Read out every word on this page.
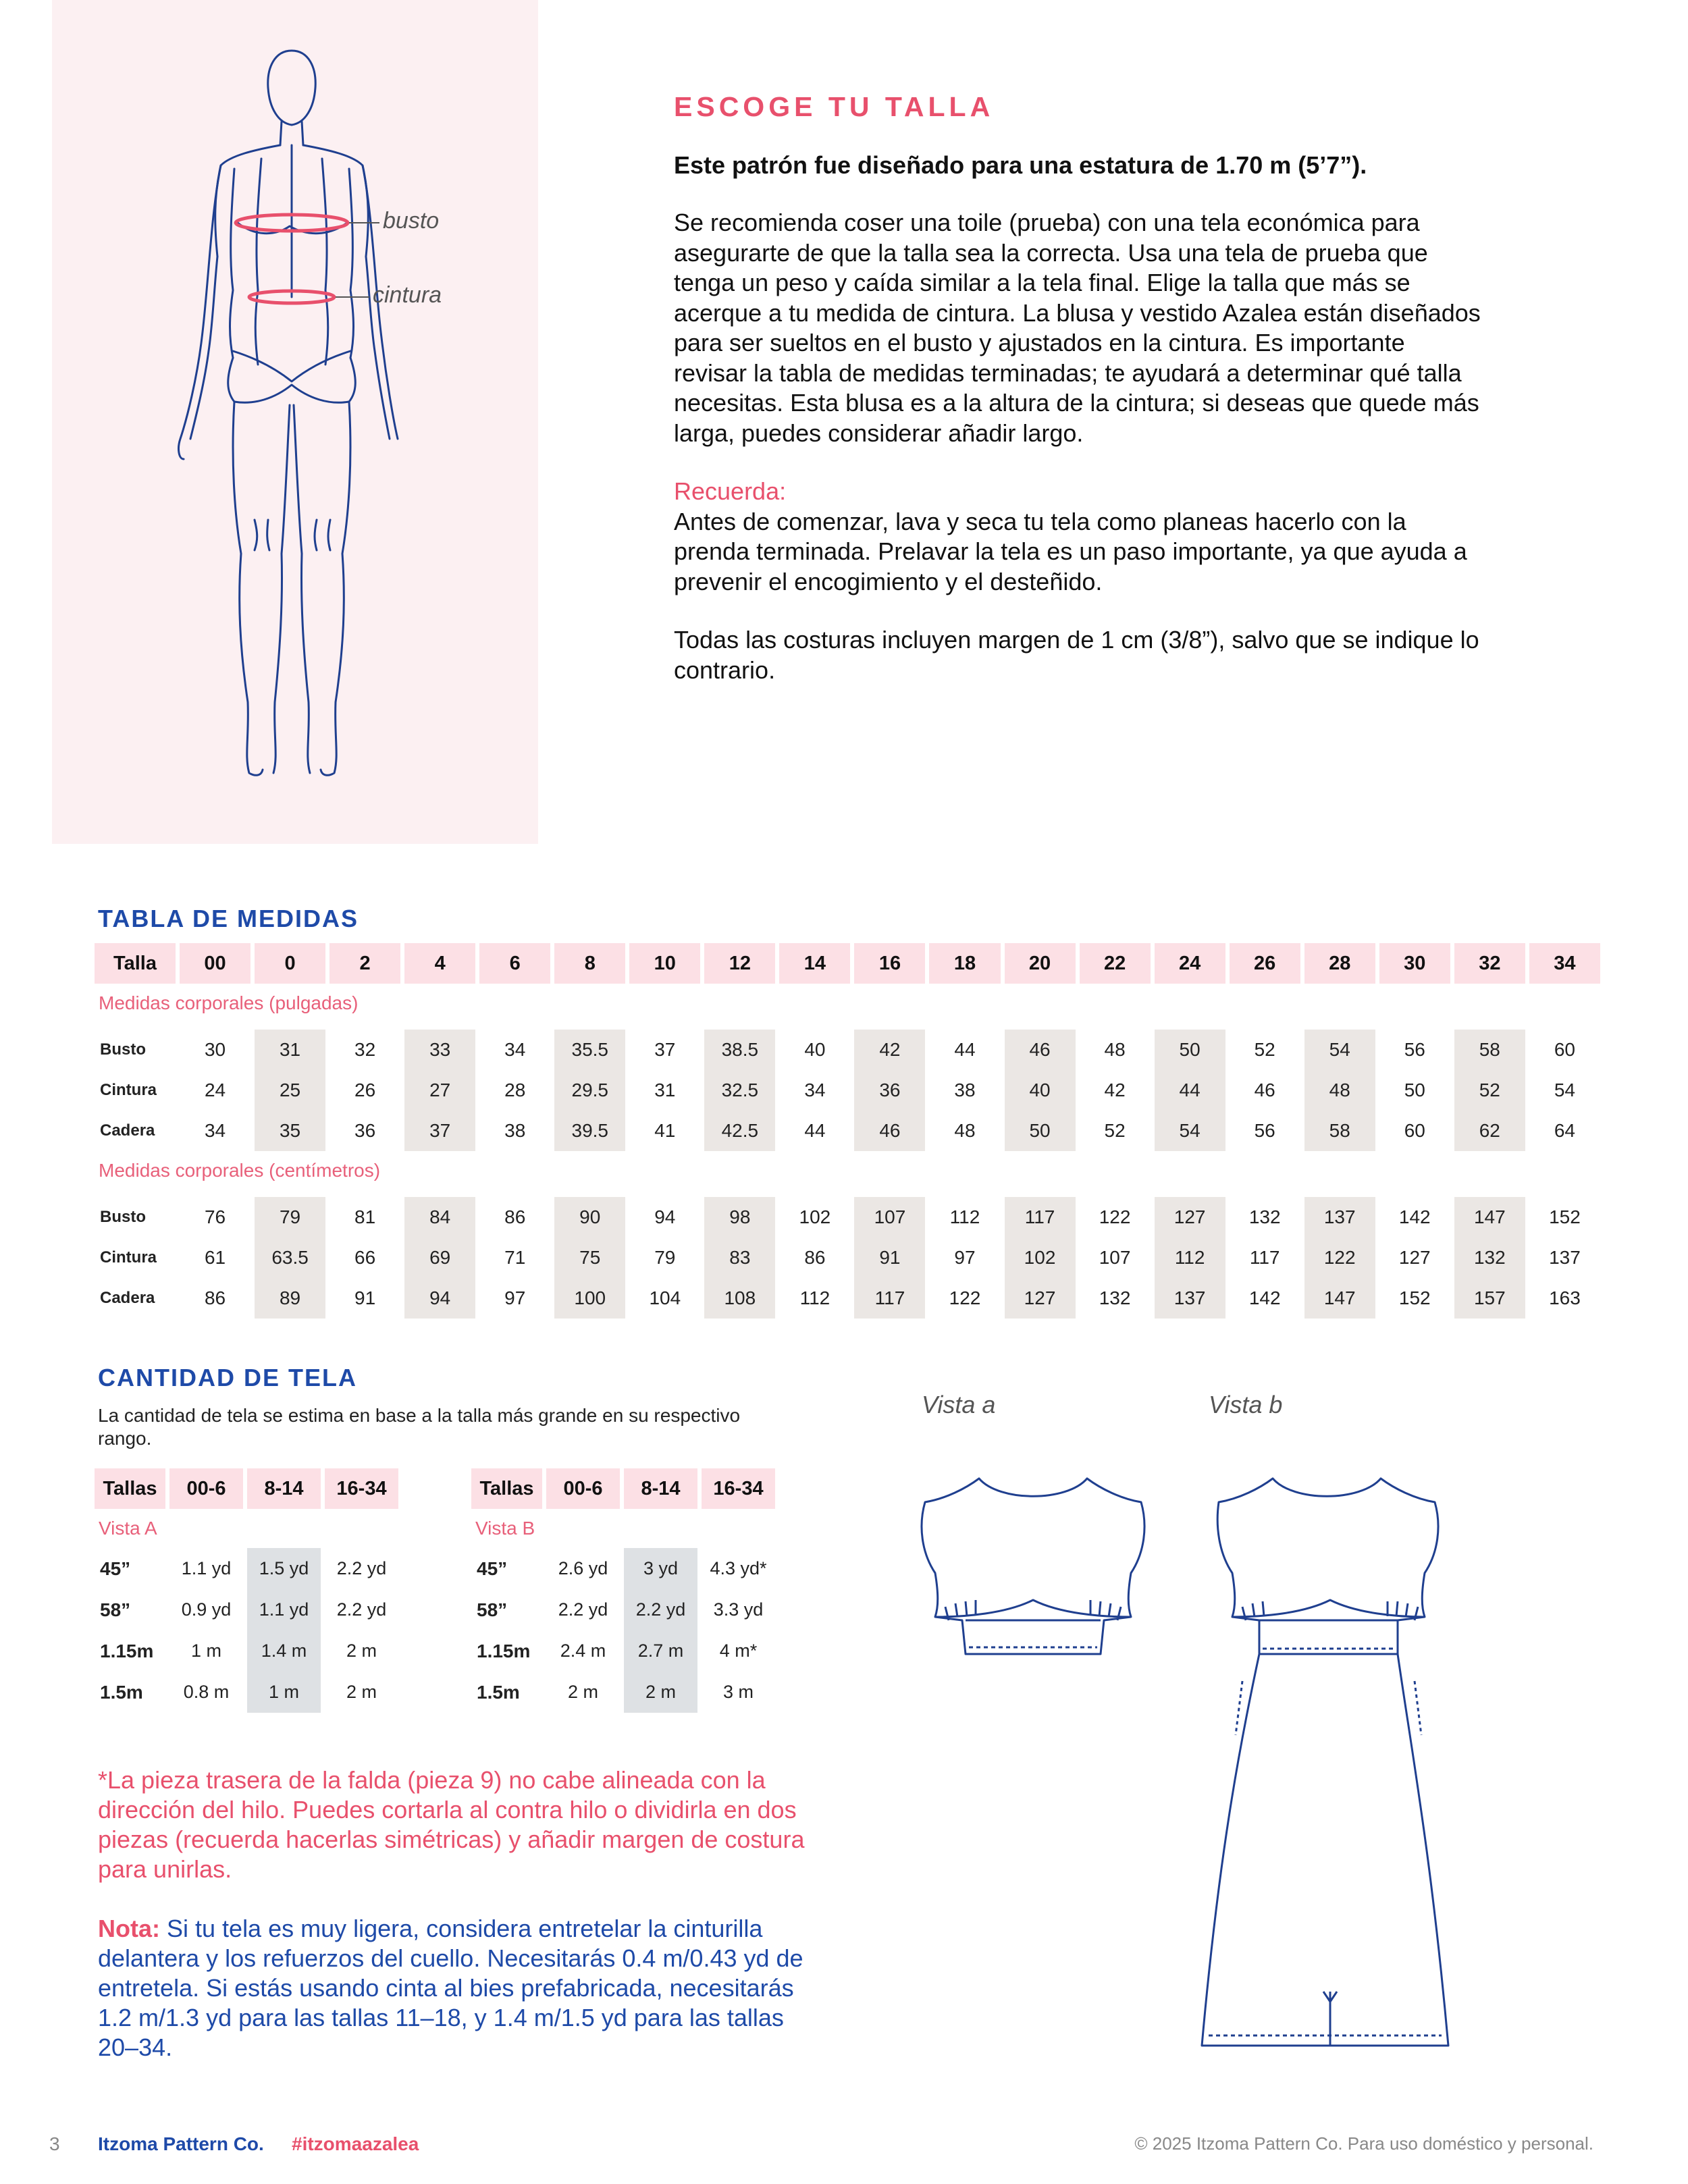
busto
cintura
ESCOGE TU TALLA
Este patrón fue diseñado para una estatura de 1.70 m (5’7”).
Se recomienda coser una toile (prueba) con una tela económica para asegurarte de que la talla sea la correcta. Usa una tela de prueba que tenga un peso y caída similar a la tela final. Elige la talla que más se acerque a tu medida de cintura. La blusa y vestido Azalea están diseñados para ser sueltos en el busto y ajustados en la cintura. Es importante revisar la tabla de medidas terminadas; te ayudará a determinar qué talla necesitas. Esta blusa es a la altura de la cintura; si deseas que quede más larga, puedes considerar añadir largo.
Recuerda:
Antes de comenzar, lava y seca tu tela como planeas hacerlo con la prenda terminada. Prelavar la tela es un paso importante, ya que ayuda a prevenir el encogimiento y el desteñido.
Todas las costuras incluyen margen de 1 cm (3/8”), salvo que se indique lo contrario.
TABLA DE MEDIDAS
Talla	00	0	2	4	6	8	10	12	14	16	18	20	22	24	26	28	30	32	34
Medidas corporales (pulgadas)																			

Busto	30	31	32	33	34	35.5	37	38.5	40	42	44	46	48	50	52	54	56	58	60
Cintura	24	25	26	27	28	29.5	31	32.5	34	36	38	40	42	44	46	48	50	52	54
Cadera	34	35	36	37	38	39.5	41	42.5	44	46	48	50	52	54	56	58	60	62	64
Medidas corporales (centímetros)																			

Busto	76	79	81	84	86	90	94	98	102	107	112	117	122	127	132	137	142	147	152
Cintura	61	63.5	66	69	71	75	79	83	86	91	97	102	107	112	117	122	127	132	137
Cadera	86	89	91	94	97	100	104	108	112	117	122	127	132	137	142	147	152	157	163
CANTIDAD DE TELA
La cantidad de tela se estima en base a la talla más grande en su respectivo rango.
Tallas	00-6	8-14	16-34
Vista A			
45”	1.1 yd	1.5 yd	2.2 yd
58”	0.9 yd	1.1 yd	2.2 yd
1.15m	1 m	1.4 m	2 m
1.5m	0.8 m	1 m	2 m
Tallas	00-6	8-14	16-34
Vista B			
45”	2.6 yd	3 yd	4.3 yd*
58”	2.2 yd	2.2 yd	3.3 yd
1.15m	2.4 m	2.7 m	4 m*
1.5m	2 m	2 m	3 m
*La pieza trasera de la falda (pieza 9) no cabe alineada con la dirección del hilo. Puedes cortarla al contra hilo o dividirla en dos piezas (recuerda hacerlas simétricas) y añadir margen de costura para unirlas.
Nota: Si tu tela es muy ligera, considera entretelar la cinturilla delantera y los refuerzos del cuello. Necesitarás 0.4 m/0.43 yd de entretela. Si estás usando cinta al bies prefabricada, necesitarás 1.2 m/1.3 yd para las tallas 11–18, y 1.4 m/1.5 yd para las tallas 20–34.
Vista a	Vista b
3 Itzoma Pattern Co. #itzomaazalea	© 2025 Itzoma Pattern Co. Para uso doméstico y personal.
